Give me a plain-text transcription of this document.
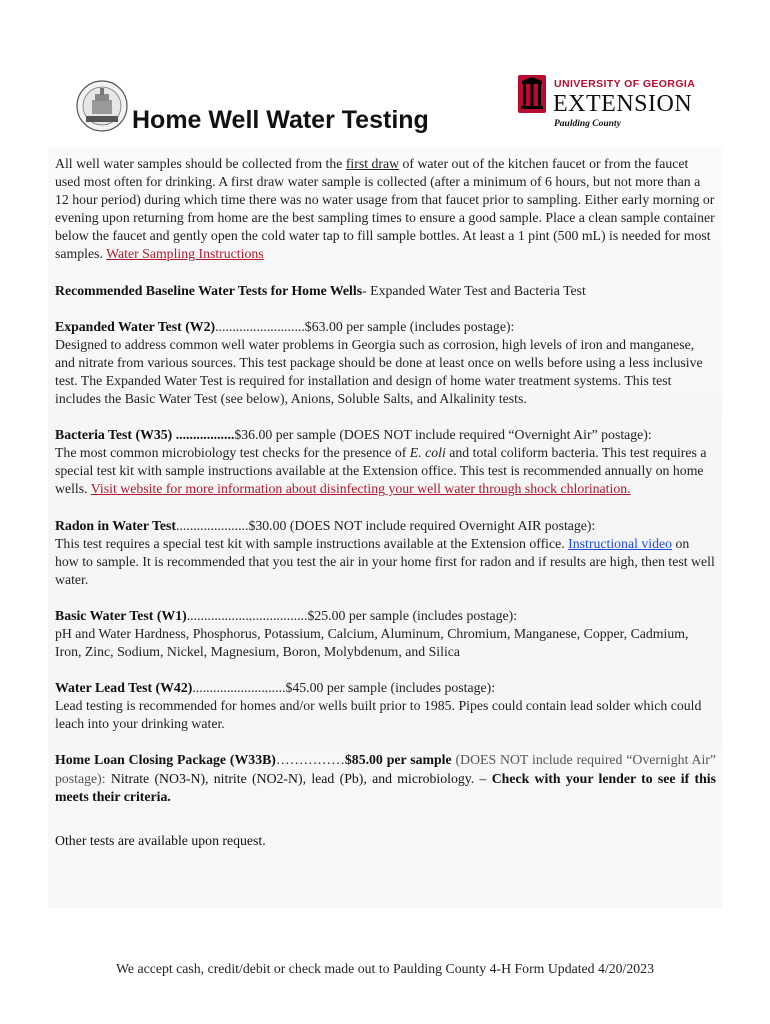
Home Well Water Testing
UNIVERSITY OF GEORGIA
EXTENSION
Paulding County

All well water samples should be collected from the first draw of water out of the kitchen faucet or from the faucet used most often for drinking. A first draw water sample is collected (after a minimum of 6 hours, but not more than a 12 hour period) during which time there was no water usage from that faucet prior to sampling. Either early morning or evening upon returning from home are the best sampling times to ensure a good sample. Place a clean sample container below the faucet and gently open the cold water tap to fill sample bottles. At least a 1 pint (500 mL) is needed for most samples. Water Sampling Instructions

Recommended Baseline Water Tests for Home Wells- Expanded Water Test and Bacteria Test

Expanded Water Test (W2)..........................$63.00 per sample (includes postage):

Designed to address common well water problems in Georgia such as corrosion, high levels of iron and manganese, and nitrate from various sources. This test package should be done at least once on wells before using a less inclusive test. The Expanded Water Test is required for installation and design of home water treatment systems. This test includes the Basic Water Test (see below), Anions, Soluble Salts, and Alkalinity tests.

Bacteria Test (W35) .................$36.00 per sample (DOES NOT include required “Overnight Air” postage):

The most common microbiology test checks for the presence of E. coli and total coliform bacteria. This test requires a special test kit with sample instructions available at the Extension office. This test is recommended annually on home wells. Visit website for more information about disinfecting your well water through shock chlorination.

Radon in Water Test.....................$30.00 (DOES NOT include required Overnight AIR postage):

This test requires a special test kit with sample instructions available at the Extension office. Instructional video on how to sample. It is recommended that you test the air in your home first for radon and if results are high, then test well water.

Basic Water Test (W1)...................................$25.00 per sample (includes postage):

pH and Water Hardness, Phosphorus, Potassium, Calcium, Aluminum, Chromium, Manganese, Copper, Cadmium, Iron, Zinc, Sodium, Nickel, Magnesium, Boron, Molybdenum, and Silica

Water Lead Test (W42)...........................$45.00 per sample (includes postage):

Lead testing is recommended for homes and/or wells built prior to 1985. Pipes could contain lead solder which could leach into your drinking water.

Home Loan Closing Package (W33B)……………$85.00 per sample (DOES NOT include required “Overnight Air” postage): Nitrate (NO3-N), nitrite (NO2-N), lead (Pb), and microbiology. – Check with your lender to see if this meets their criteria.

Other tests are available upon request.

We accept cash, credit/debit or check made out to Paulding County 4-H Form Updated 4/20/2023
